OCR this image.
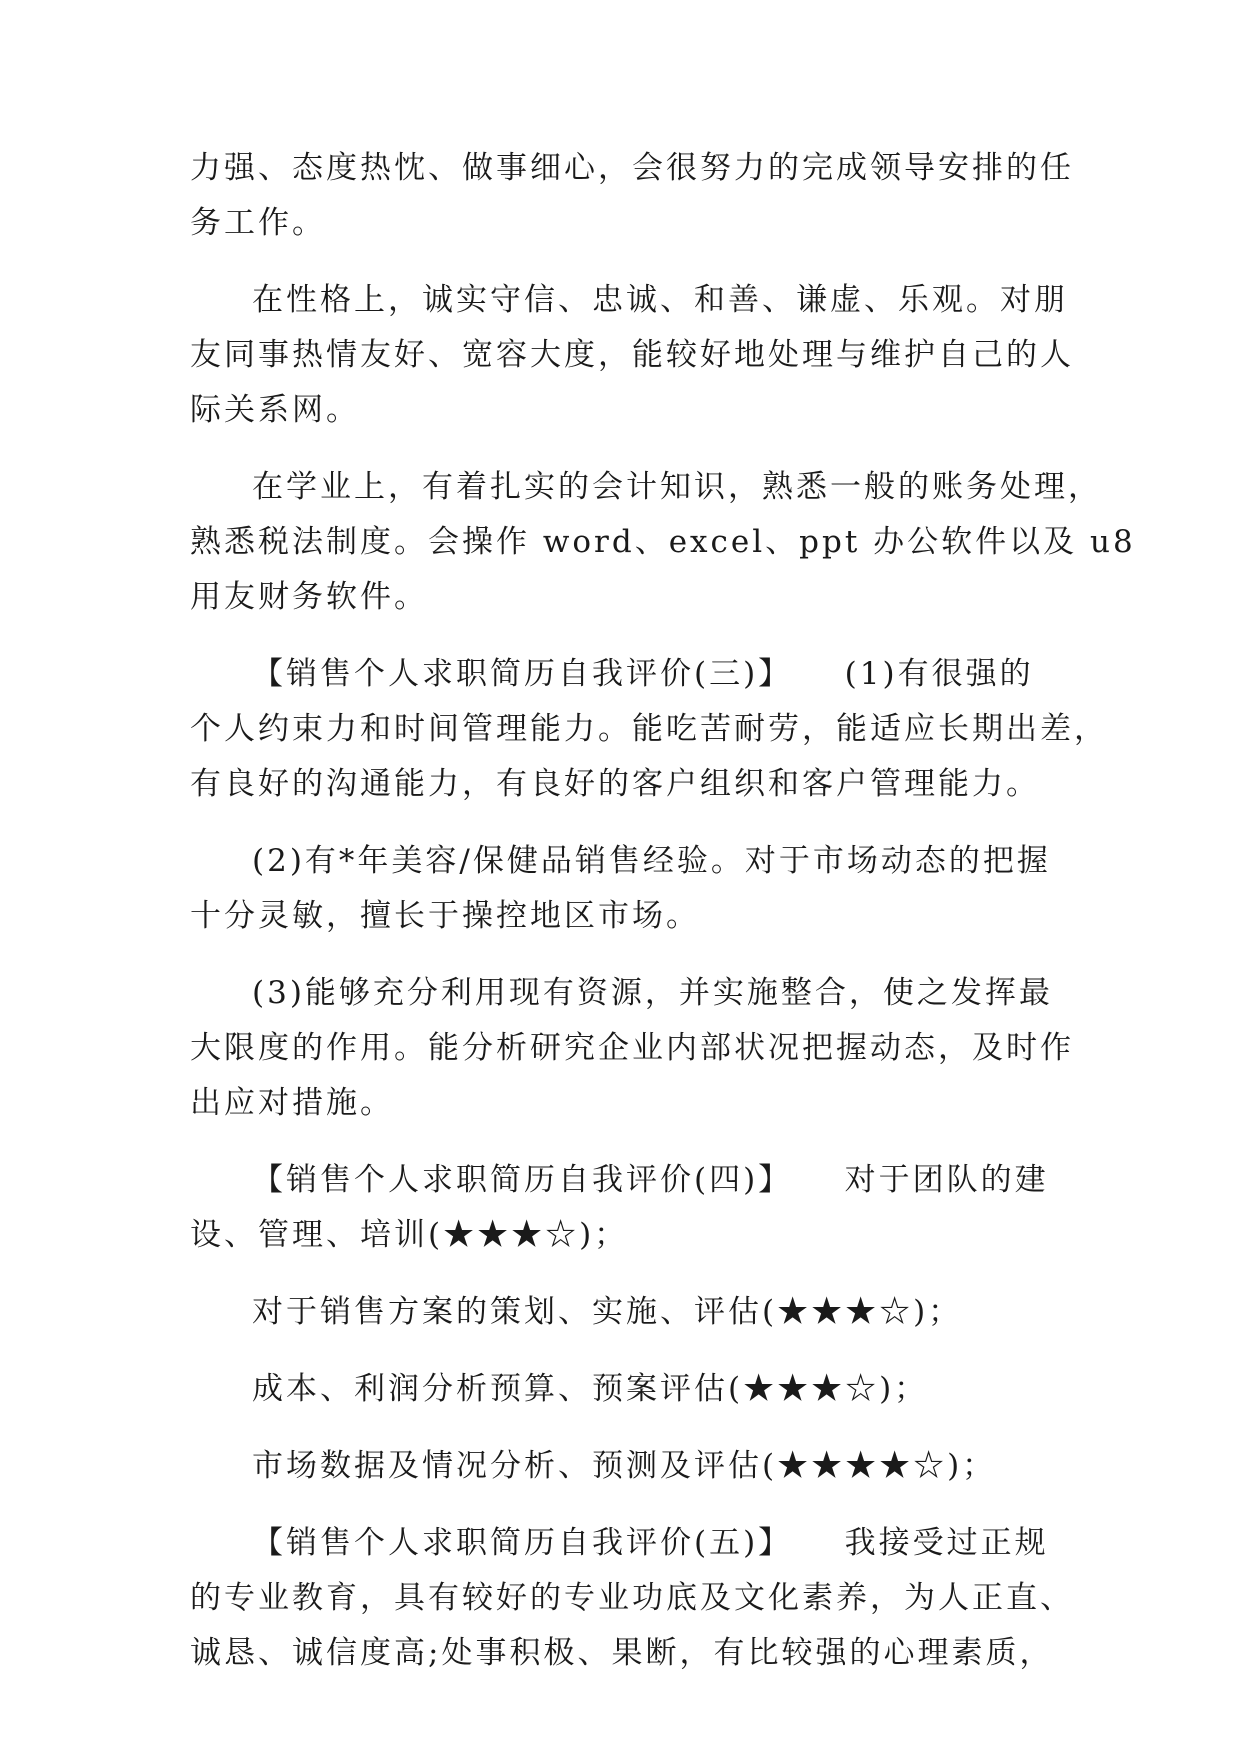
力强、态度热忱、做事细心，会很努力的完成领导安排的任

务工作。

在性格上，诚实守信、忠诚、和善、谦虚、乐观。对朋

友同事热情友好、宽容大度，能较好地处理与维护自己的人

际关系网。

在学业上，有着扎实的会计知识，熟悉一般的账务处理，

熟悉税法制度。会操作 word、excel、ppt 办公软件以及 u8

用友财务软件。

【销售个人求职简历自我评价(三)】　　(1)有很强的

个人约束力和时间管理能力。能吃苦耐劳，能适应长期出差，

有良好的沟通能力，有良好的客户组织和客户管理能力。

(2)有*年美容/保健品销售经验。对于市场动态的把握

十分灵敏，擅长于操控地区市场。

(3)能够充分利用现有资源，并实施整合，使之发挥最

大限度的作用。能分析研究企业内部状况把握动态，及时作

出应对措施。

【销售个人求职简历自我评价(四)】　　对于团队的建

设、管理、培训(★★★☆)；

对于销售方案的策划、实施、评估(★★★☆)；

成本、利润分析预算、预案评估(★★★☆)；

市场数据及情况分析、预测及评估(★★★★☆)；

【销售个人求职简历自我评价(五)】　　我接受过正规

的专业教育，具有较好的专业功底及文化素养，为人正直、

诚恳、诚信度高;处事积极、果断，有比较强的心理素质，
